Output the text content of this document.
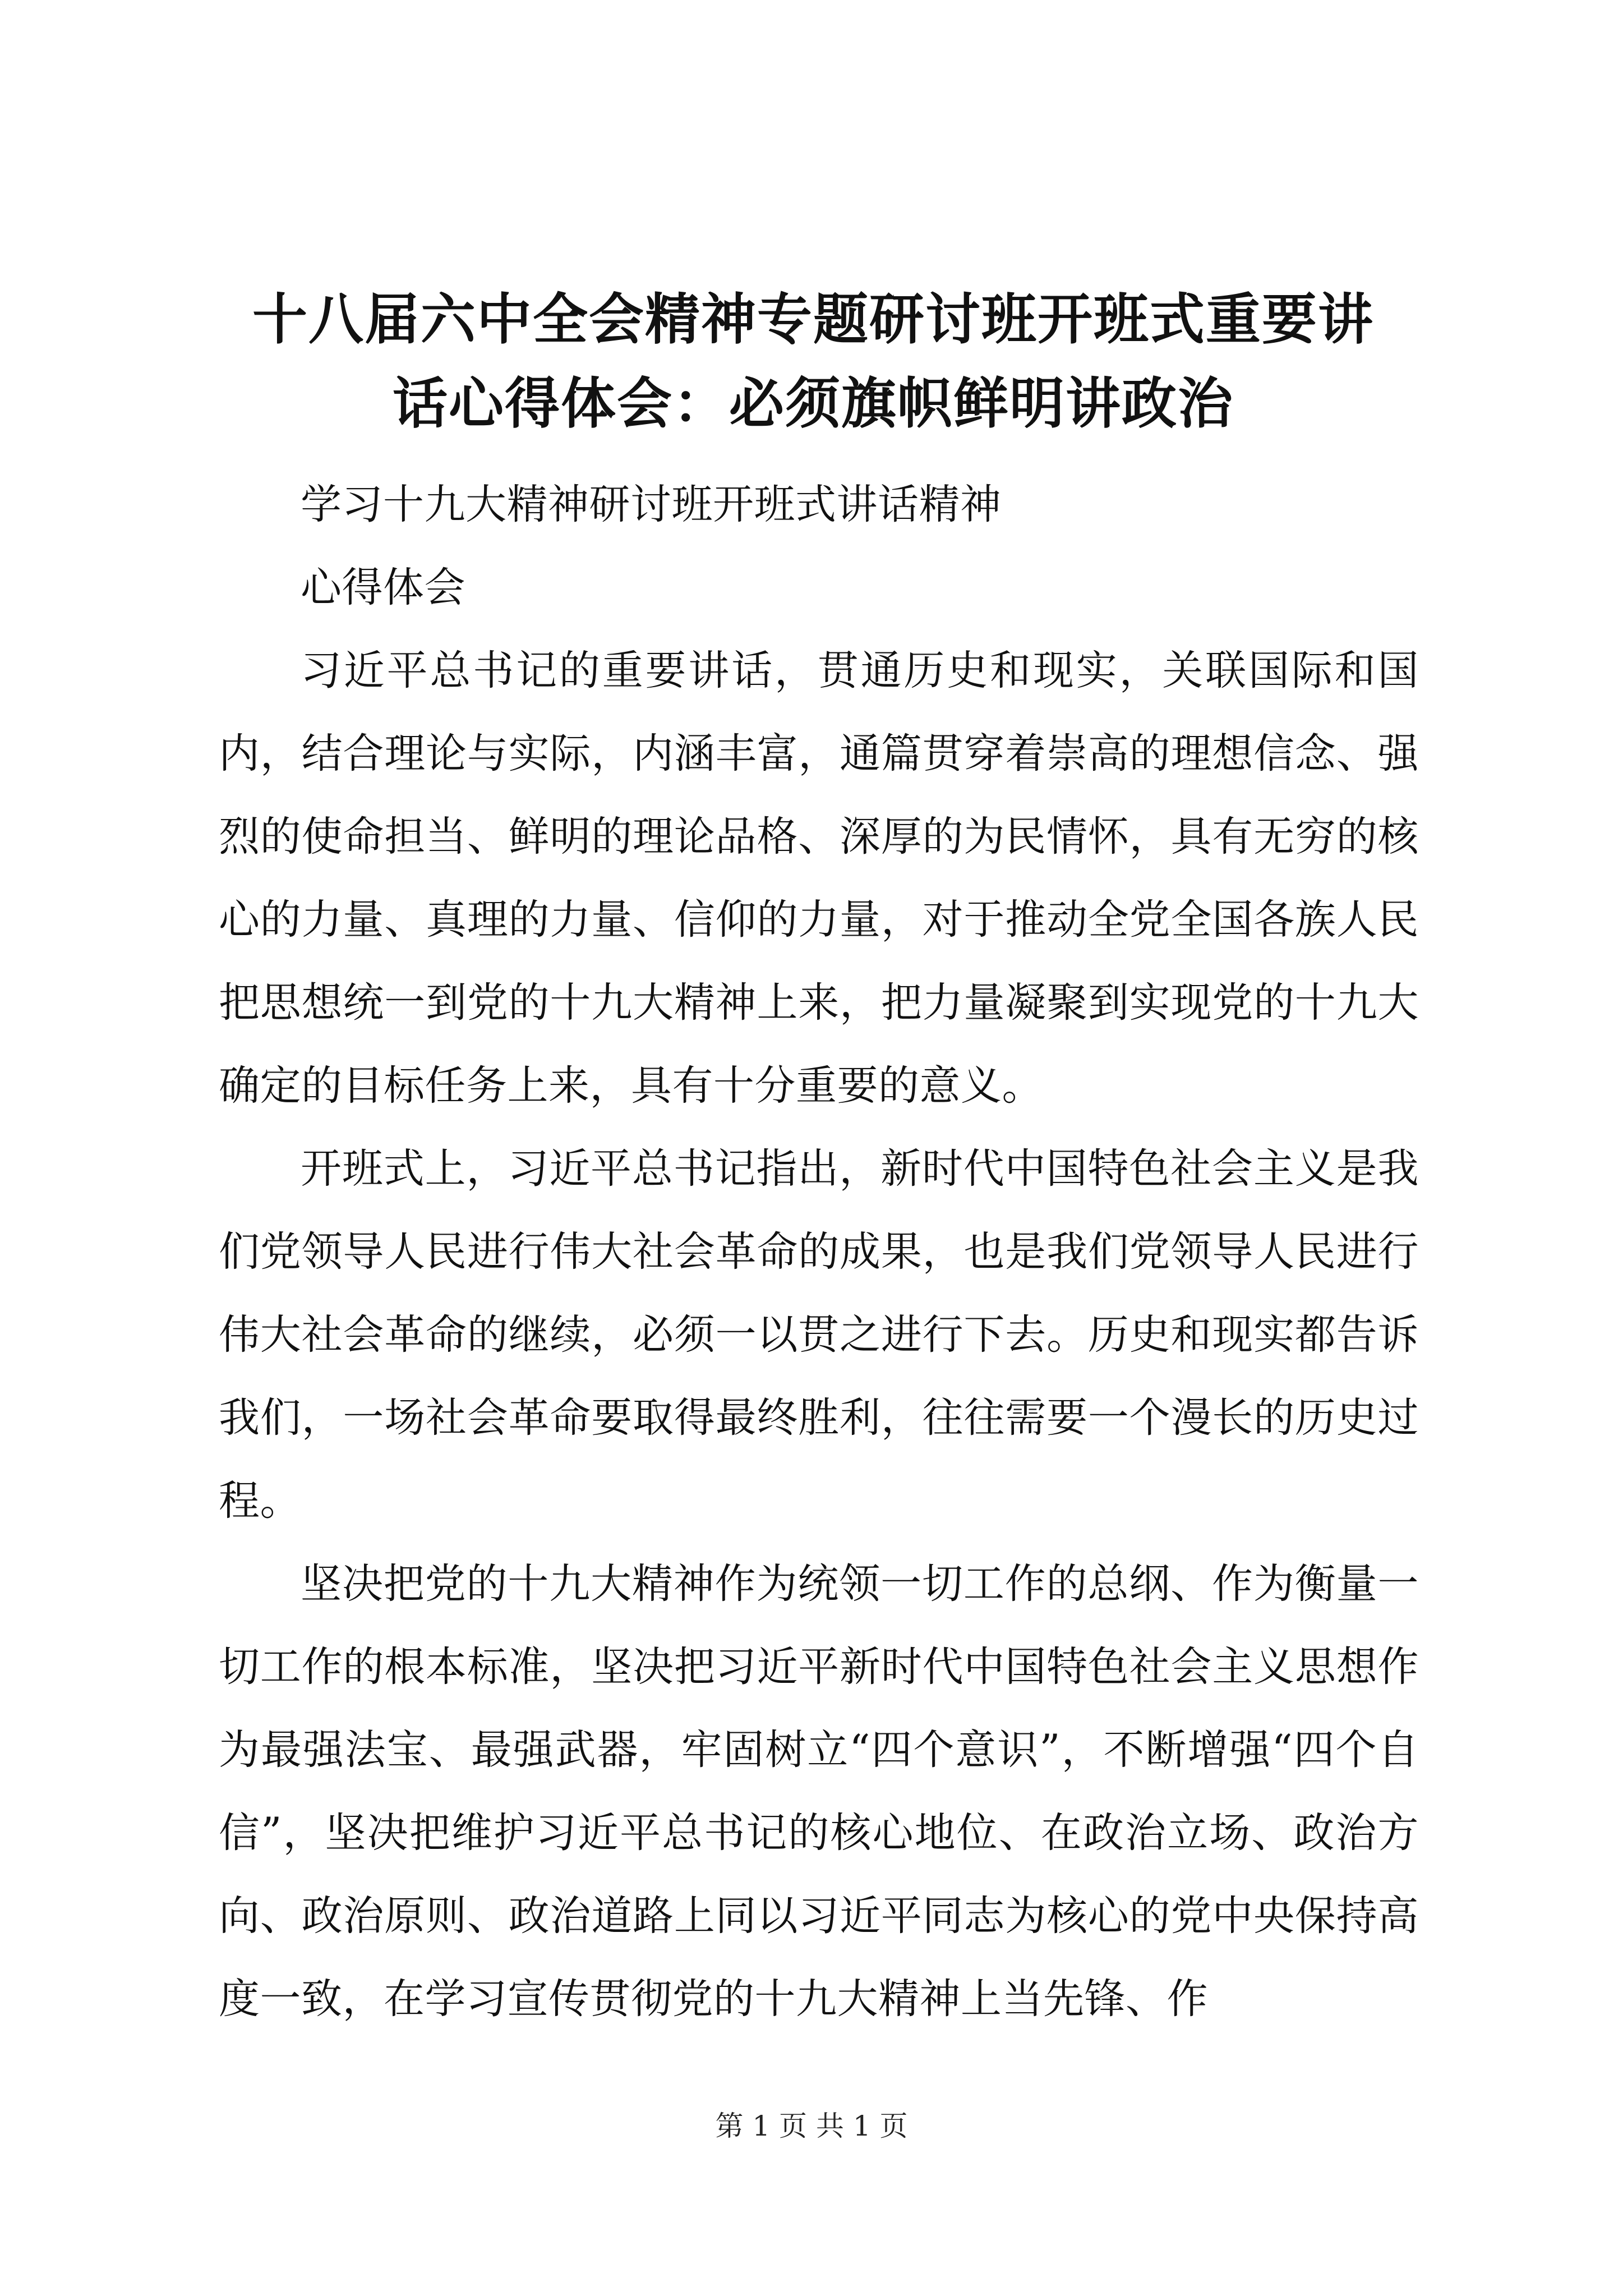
十八届六中全会精神专题研讨班开班式重要讲
话心得体会：必须旗帜鲜明讲政治

学习十九大精神研讨班开班式讲话精神

心得体会

习近平总书记的重要讲话，贯通历史和现实，关联国际和国内，结合理论与实际，内涵丰富，通篇贯穿着崇高的理想信念、强烈的使命担当、鲜明的理论品格、深厚的为民情怀，具有无穷的核心的力量、真理的力量、信仰的力量，对于推动全党全国各族人民把思想统一到党的十九大精神上来，把力量凝聚到实现党的十九大确定的目标任务上来，具有十分重要的意义。

开班式上，习近平总书记指出，新时代中国特色社会主义是我们党领导人民进行伟大社会革命的成果，也是我们党领导人民进行伟大社会革命的继续，必须一以贯之进行下去。历史和现实都告诉我们，一场社会革命要取得最终胜利，往往需要一个漫长的历史过程。

坚决把党的十九大精神作为统领一切工作的总纲、作为衡量一切工作的根本标准，坚决把习近平新时代中国特色社会主义思想作为最强法宝、最强武器，牢固树立“四个意识”，不断增强“四个自信”，坚决把维护习近平总书记的核心地位、在政治立场、政治方向、政治原则、政治道路上同以习近平同志为核心的党中央保持高度一致，在学习宣传贯彻党的十九大精神上当先锋、作

第 1 页 共 1 页
